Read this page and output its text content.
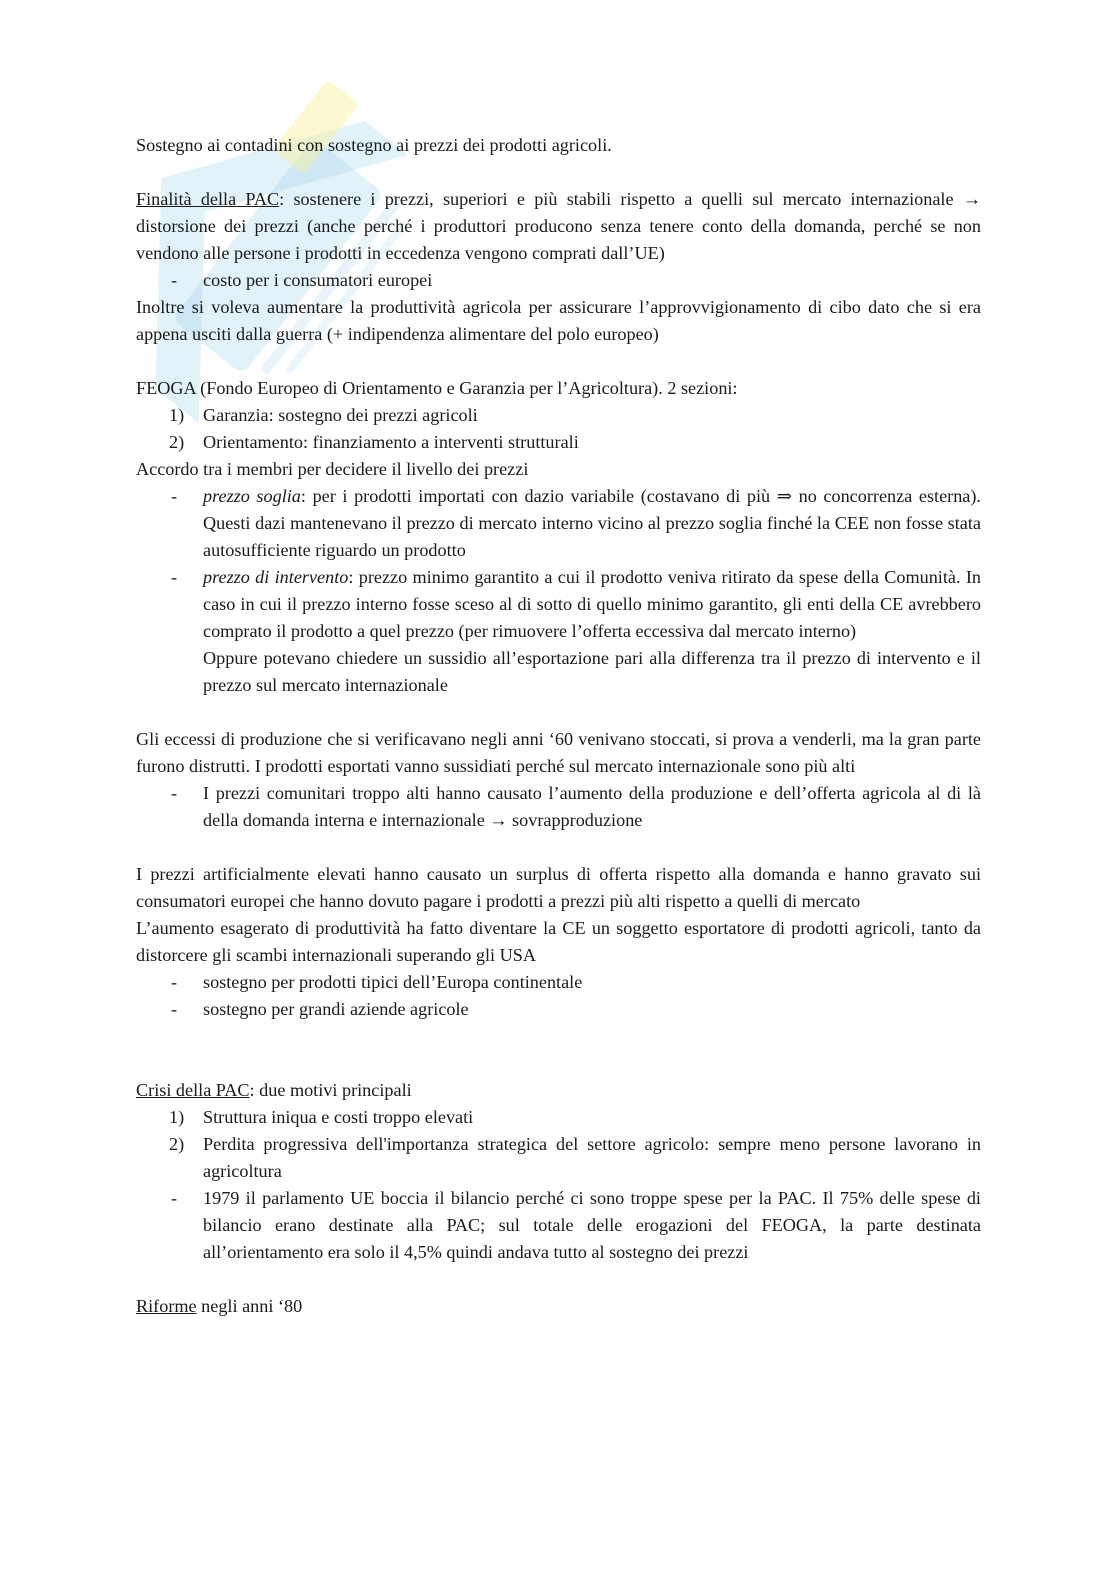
Sostegno ai contadini con sostegno ai prezzi dei prodotti agricoli.

Finalità della PAC: sostenere i prezzi, superiori e più stabili rispetto a quelli sul mercato internazionale → distorsione dei prezzi (anche perché i produttori producono senza tenere conto della domanda, perché se non vendono alle persone i prodotti in eccedenza vengono comprati dall’UE)

- costo per i consumatori europei

Inoltre si voleva aumentare la produttività agricola per assicurare l’approvvigionamento di cibo dato che si era appena usciti dalla guerra (+ indipendenza alimentare del polo europeo)

FEOGA (Fondo Europeo di Orientamento e Garanzia per l’Agricoltura). 2 sezioni:

1) Garanzia: sostegno dei prezzi agricoli
2) Orientamento: finanziamento a interventi strutturali

Accordo tra i membri per decidere il livello dei prezzi

- prezzo soglia: per i prodotti importati con dazio variabile (costavano di più ⇒ no concorrenza esterna). Questi dazi mantenevano il prezzo di mercato interno vicino al prezzo soglia finché la CEE non fosse stata autosufficiente riguardo un prodotto
- prezzo di intervento: prezzo minimo garantito a cui il prodotto veniva ritirato da spese della Comunità. In caso in cui il prezzo interno fosse sceso al di sotto di quello minimo garantito, gli enti della CE avrebbero comprato il prodotto a quel prezzo (per rimuovere l’offerta eccessiva dal mercato interno)
Oppure potevano chiedere un sussidio all’esportazione pari alla differenza tra il prezzo di intervento e il prezzo sul mercato internazionale

Gli eccessi di produzione che si verificavano negli anni ‘60 venivano stoccati, si prova a venderli, ma la gran parte furono distrutti. I prodotti esportati vanno sussidiati perché sul mercato internazionale sono più alti

- I prezzi comunitari troppo alti hanno causato l’aumento della produzione e dell’offerta agricola al di là della domanda interna e internazionale → sovrapproduzione

I prezzi artificialmente elevati hanno causato un surplus di offerta rispetto alla domanda e hanno gravato sui consumatori europei che hanno dovuto pagare i prodotti a prezzi più alti rispetto a quelli di mercato

L’aumento esagerato di produttività ha fatto diventare la CE un soggetto esportatore di prodotti agricoli, tanto da distorcere gli scambi internazionali superando gli USA

- sostegno per prodotti tipici dell’Europa continentale
- sostegno per grandi aziende agricole

Crisi della PAC: due motivi principali

1) Struttura iniqua e costi troppo elevati
2) Perdita progressiva dell'importanza strategica del settore agricolo: sempre meno persone lavorano in agricoltura
- 1979 il parlamento UE boccia il bilancio perché ci sono troppe spese per la PAC. Il 75% delle spese di bilancio erano destinate alla PAC; sul totale delle erogazioni del FEOGA, la parte destinata all’orientamento era solo il 4,5% quindi andava tutto al sostegno dei prezzi

Riforme negli anni ‘80
